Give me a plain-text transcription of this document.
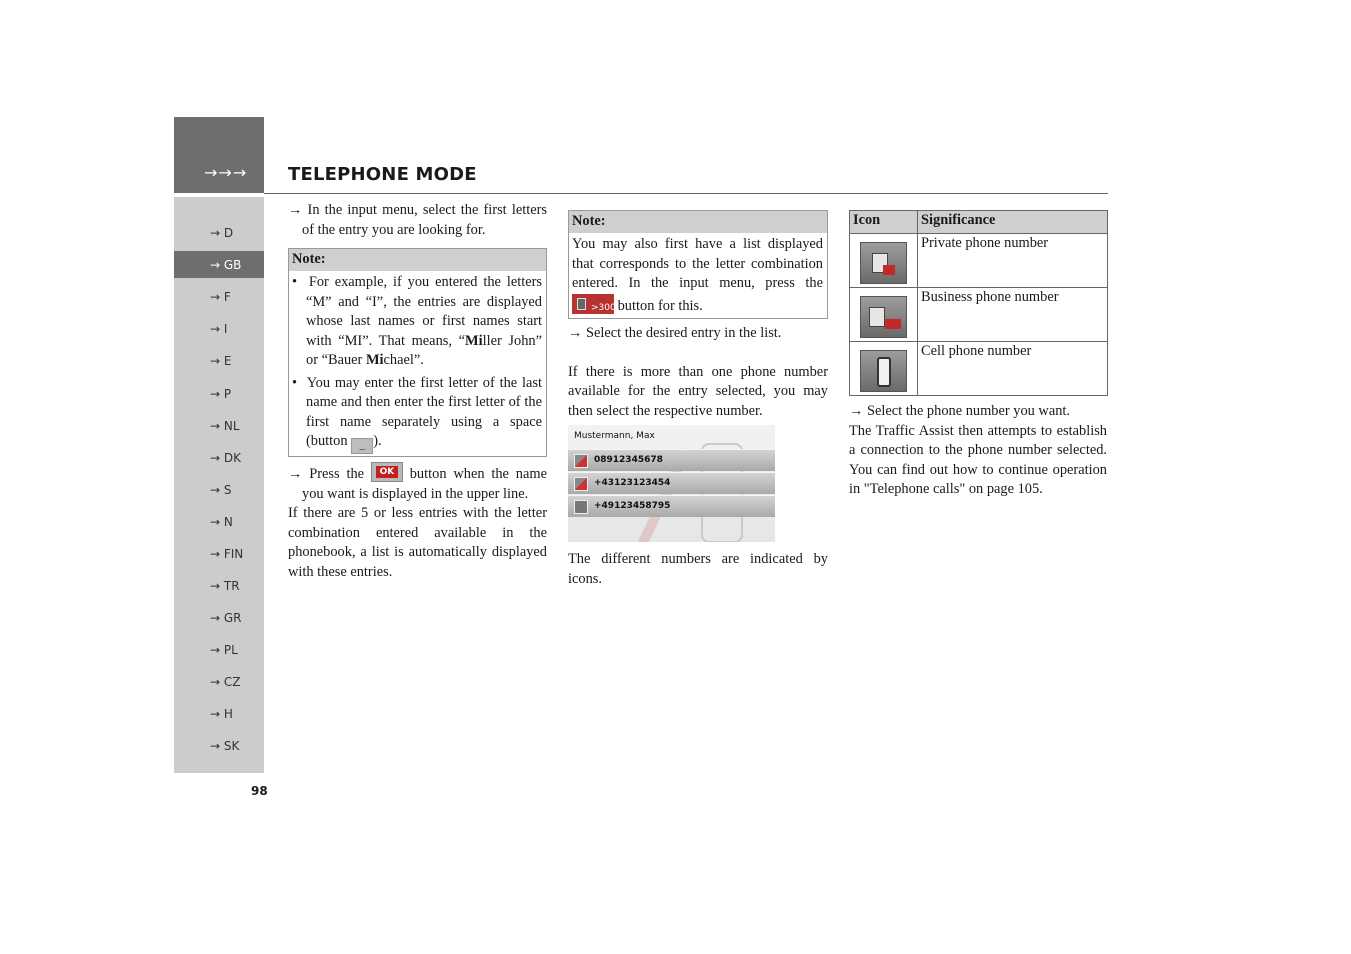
→→→
→ D
→ GB
→ F
→ I
→ E
→ P
→ NL
→ DK
→ S
→ N
→ FIN
→ TR
→ GR
→ PL
→ CZ
→ H
→ SK
98
TELEPHONE MODE

→ In the input menu, select the first letters of the entry you are looking for.

Note:

•  For example, if you entered the letters “M” and “I”, the entries are displayed whose last names or first names start with “MI”. That means, “Miller John” or “Bauer Michael”.

•  You may enter the first letter of the last name and then enter the first letter of the first name separately using a space (button _ ).

→ Press the	OK button when the name you want is displayed in the upper line.

If there are 5 or less entries with the letter combination entered available in the phonebook, a list is automatically displayed with these entries.

Note:
You may also first have a list displayed that corresponds to the letter combination entered. In the input menu, press the
>300 button for this.

→ Select the desired entry in the list.

If there is more than one phone number available for the entry selected, you may then select the respective number.

Mustermann, Max
08912345678
+43123123454
+49123458795
The different numbers are indicated by icons.
Icon	Significance

	Private phone number

	Business phone number

	Cell phone number

→ Select the phone number you want.

The Traffic Assist then attempts to establish a connection to the phone number selected. You can find out how to continue operation in "Telephone calls" on page 105.
